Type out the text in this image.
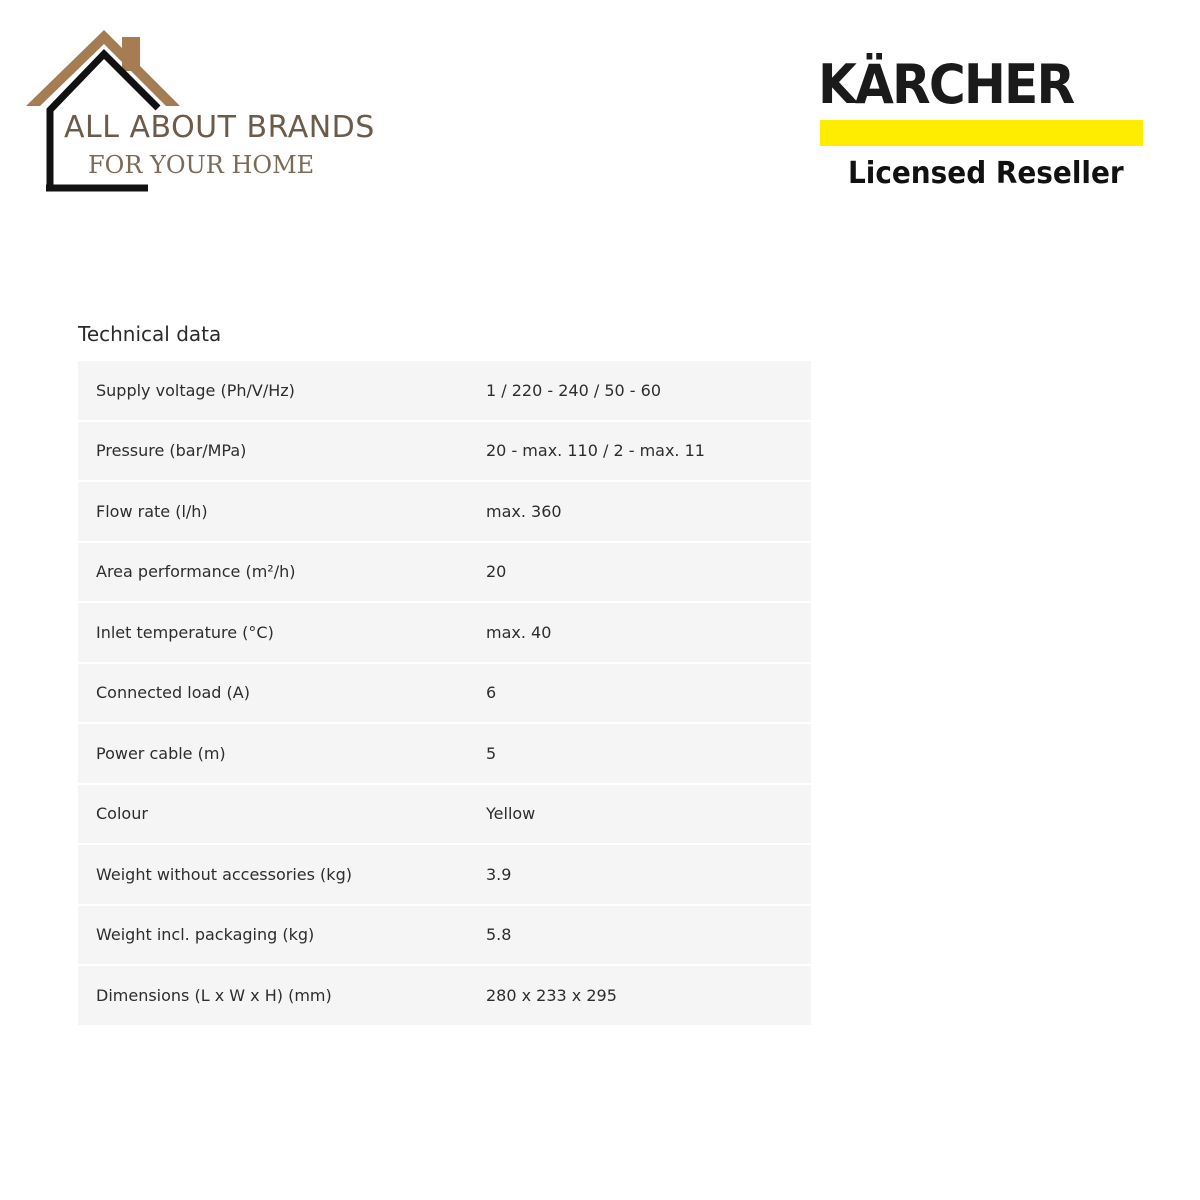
ALL ABOUT BRANDS
FOR YOUR HOME
KÄRCHER
Licensed Reseller
Technical data
Supply voltage (Ph/V/Hz)	1 / 220 - 240 / 50 - 60
Pressure (bar/MPa)	20 - max. 110 / 2 - max. 11
Flow rate (l/h)	max. 360
Area performance (m²/h)	20
Inlet temperature (°C)	max. 40
Connected load (A)	6
Power cable (m)	5
Colour	Yellow
Weight without accessories (kg)	3.9
Weight incl. packaging (kg)	5.8
Dimensions (L x W x H) (mm)	280 x 233 x 295
